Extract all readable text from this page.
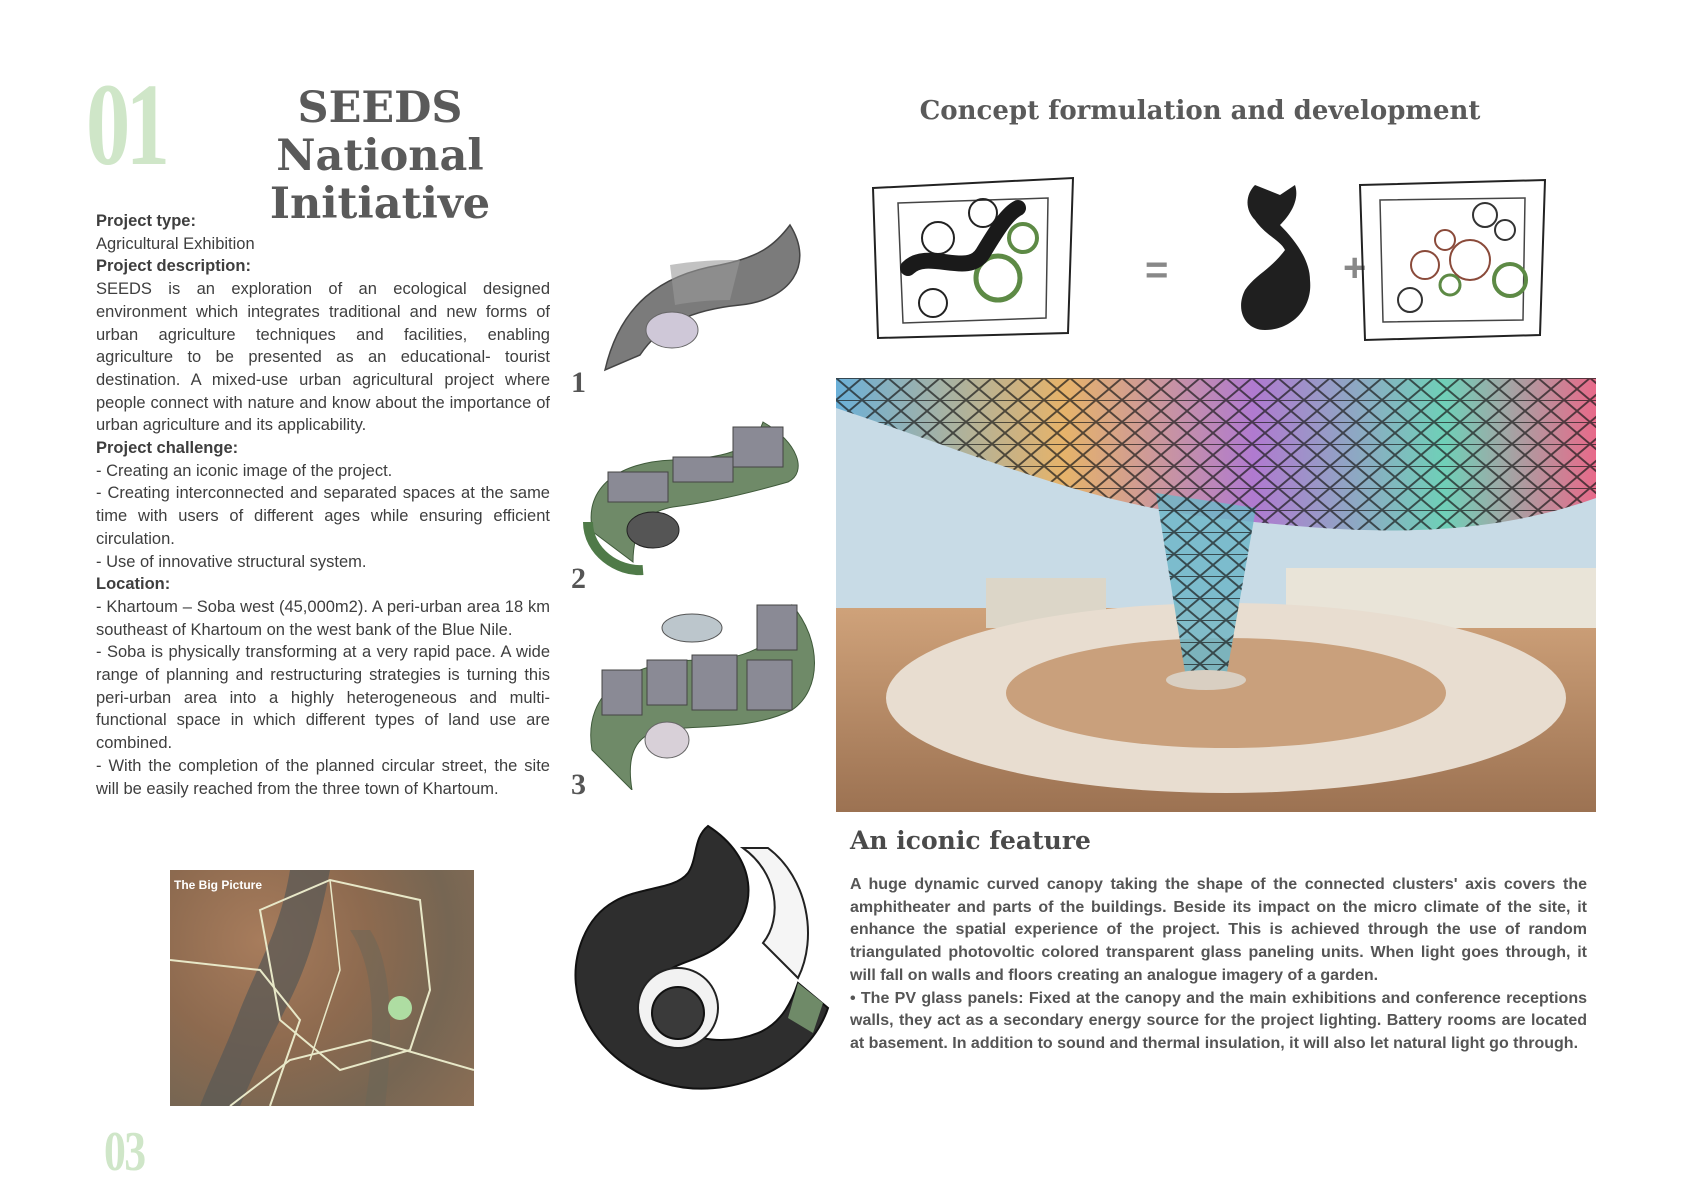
01	SEEDS National
Initiative
Concept formulation and development

Project type:

Agricultural Exhibition

Project description:

SEEDS is an exploration of an ecological designed environment which integrates traditional and new forms of urban agriculture techniques and facilities, enabling agriculture to be presented as an educational- tourist destination. A mixed-use urban agricultural project where people connect with nature and know about the importance of urban agriculture and its applicability.

Project challenge:

- Creating an iconic image of the project.

- Creating interconnected and separated spaces at the same time with users of different ages while ensuring efficient circulation.

- Use of innovative structural system.

Location:

- Khartoum – Soba west (45,000m2). A peri-urban area 18 km southeast of Khartoum on the west bank of the Blue Nile.

- Soba is physically transforming at a very rapid pace. A wide range of planning and restructuring strategies is turning this peri-urban area into a highly heterogeneous and multi-functional space in which different types of land use are combined.

- With the completion of the planned circular street, the site will be easily reached from the three town of Khartoum.

The Big Picture
1
2
3
=	+
An iconic feature

A huge dynamic curved canopy taking the shape of the connected clusters' axis covers the amphitheater and parts of the buildings. Beside its impact on the micro climate of the site, it enhance the spatial experience of the project. This is achieved through the use of random triangulated photovoltic colored transparent glass paneling units. When light goes through, it will fall on walls and floors creating an analogue imagery of a garden.

• The PV glass panels: Fixed at the canopy and the main exhibitions and conference receptions walls, they act as a secondary energy source for the project lighting. Battery rooms are located at basement. In addition to sound and thermal insulation, it will also let natural light go through.

03
